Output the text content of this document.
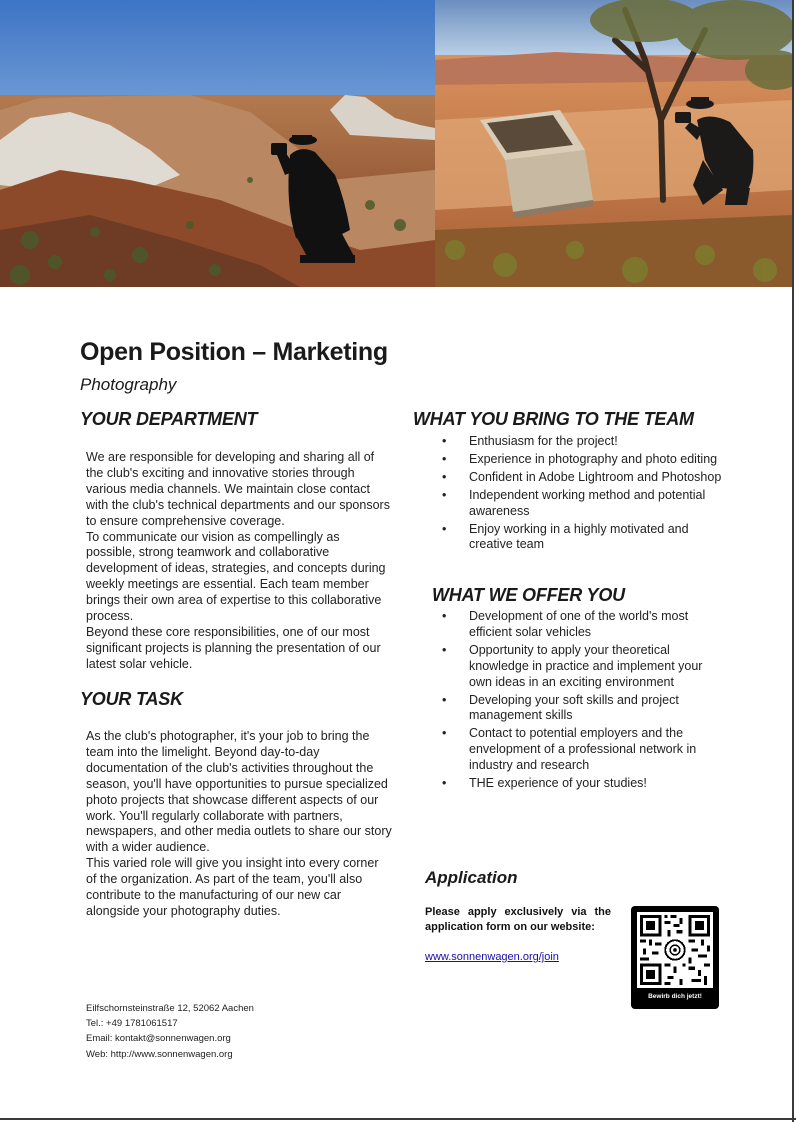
Open Position – Marketing
Photography
YOUR DEPARTMENT

We are responsible for developing and sharing all of the club's exciting and innovative stories through various media channels. We maintain close contact with the club's technical departments and our sponsors to ensure comprehensive coverage.

To communicate our vision as compellingly as possible, strong teamwork and collaborative development of ideas, strategies, and concepts during weekly meetings are essential. Each team member brings their own area of expertise to this collaborative process.

Beyond these core responsibilities, one of our most significant projects is planning the presentation of our latest solar vehicle.

YOUR TASK

As the club's photographer, it's your job to bring the team into the limelight. Beyond day-to-day documentation of the club's activities throughout the season, you'll have opportunities to pursue specialized photo projects that showcase different aspects of our work. You'll regularly collaborate with partners, newspapers, and other media outlets to share our story with a wider audience.

This varied role will give you insight into every corner of the organization. As part of the team, you'll also contribute to the manufacturing of our new car alongside your photography duties.

WHAT YOU BRING TO THE TEAM
• Enthusiasm for the project!
• Experience in photography and photo editing
• Confident in Adobe Lightroom and Photoshop
• Independent working method and potential awareness
• Enjoy working in a highly motivated and creative team
WHAT WE OFFER YOU
• Development of one of the world's most efficient solar vehicles
• Opportunity to apply your theoretical knowledge in practice and implement your own ideas in an exciting environment
• Developing your soft skills and project management skills
• Contact to potential employers and the envelopment of a professional network in industry and research
• THE experience of your studies!
Application
Please apply exclusively via the application form on our website:
www.sonnenwagen.org/join
Bewirb dich jetzt!
Eilfschornsteinstraße 12, 52062 Aachen
Tel.: +49 1781061517
Email: kontakt@sonnenwagen.org
Web: http://www.sonnenwagen.org
